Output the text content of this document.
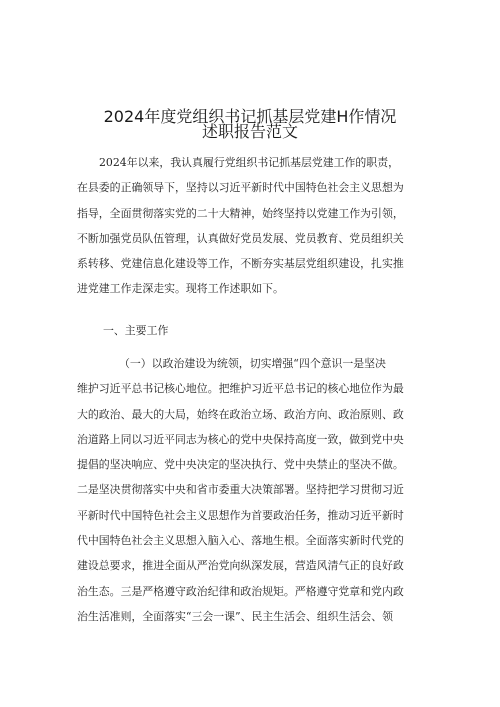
2024年度党组织书记抓基层党建H作情况
述职报告范文
2024年以来，我认真履行党组织书记抓基层党建工作的职责，
在县委的正确领导下，坚持以习近平新时代中国特色社会主义思想为
指导，全面贯彻落实党的二十大精神，始终坚持以党建工作为引领，
不断加强党员队伍管理，认真做好党员发展、党员教育、党员组织关
系转移、党建信息化建设等工作，不断夯实基层党组织建设，扎实推
进党建工作走深走实。现将工作述职如下。
一、主要工作
（一）以政治建设为统领，切实增强“四个意识一是坚决
维护习近平总书记核心地位。把维护习近平总书记的核心地位作为最
大的政治、最大的大局，始终在政治立场、政治方向、政治原则、政
治道路上同以习近平同志为核心的党中央保持高度一致，做到党中央
提倡的坚决响应、党中央决定的坚决执行、党中央禁止的坚决不做。
二是坚决贯彻落实中央和省市委重大决策部署。坚持把学习贯彻习近
平新时代中国特色社会主义思想作为首要政治任务，推动习近平新时
代中国特色社会主义思想入脑入心、落地生根。全面落实新时代党的
建设总要求，推进全面从严治党向纵深发展，营造风清气正的良好政
治生态。三是严格遵守政治纪律和政治规矩。严格遵守党章和党内政
治生活准则，全面落实“三会一课”、民主生活会、组织生活会、领
